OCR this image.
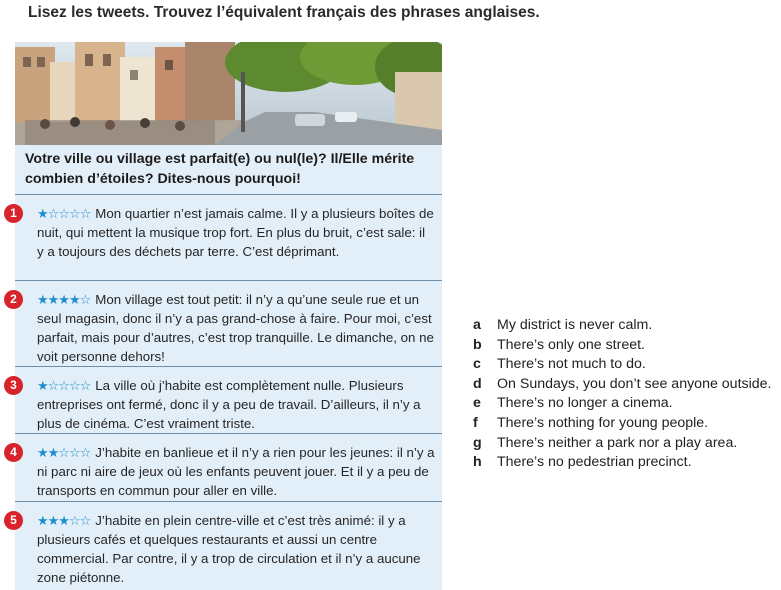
Lisez les tweets. Trouvez l’équivalent français des phrases anglaises.
Votre ville ou village est parfait(e) ou nul(le)? Il/Elle mérite combien d’étoiles? Dites-nous pourquoi!
★☆☆☆☆ Mon quartier n’est jamais calme. Il y a plusieurs boîtes de nuit, qui mettent la musique trop fort. En plus du bruit, c’est sale: il y a toujours des déchets par terre. C’est déprimant.
★★★★☆ Mon village est tout petit: il n’y a qu’une seule rue et un seul magasin, donc il n’y a pas grand-chose à faire. Pour moi, c’est parfait, mais pour d’autres, c’est trop tranquille. Le dimanche, on ne voit personne dehors!
★☆☆☆☆ La ville où j’habite est complètement nulle. Plusieurs entreprises ont fermé, donc il y a peu de travail. D’ailleurs, il n’y a plus de cinéma. C’est vraiment triste.
★★☆☆☆ J’habite en banlieue et il n’y a rien pour les jeunes: il n’y a ni parc ni aire de jeux où les enfants peuvent jouer. Et il y a peu de transports en commun pour aller en ville.
★★★☆☆ J’habite en plein centre-ville et c’est très animé: il y a plusieurs cafés et quelques restaurants et aussi un centre commercial. Par contre, il y a trop de circulation et il n’y a aucune zone piétonne.
a My district is never calm.
b There’s only one street.
c There’s not much to do.
d On Sundays, you don’t see anyone outside.
e There’s no longer a cinema.
f There’s nothing for young people.
g There’s neither a park nor a play area.
h There’s no pedestrian precinct.
1
2
3
4
5
